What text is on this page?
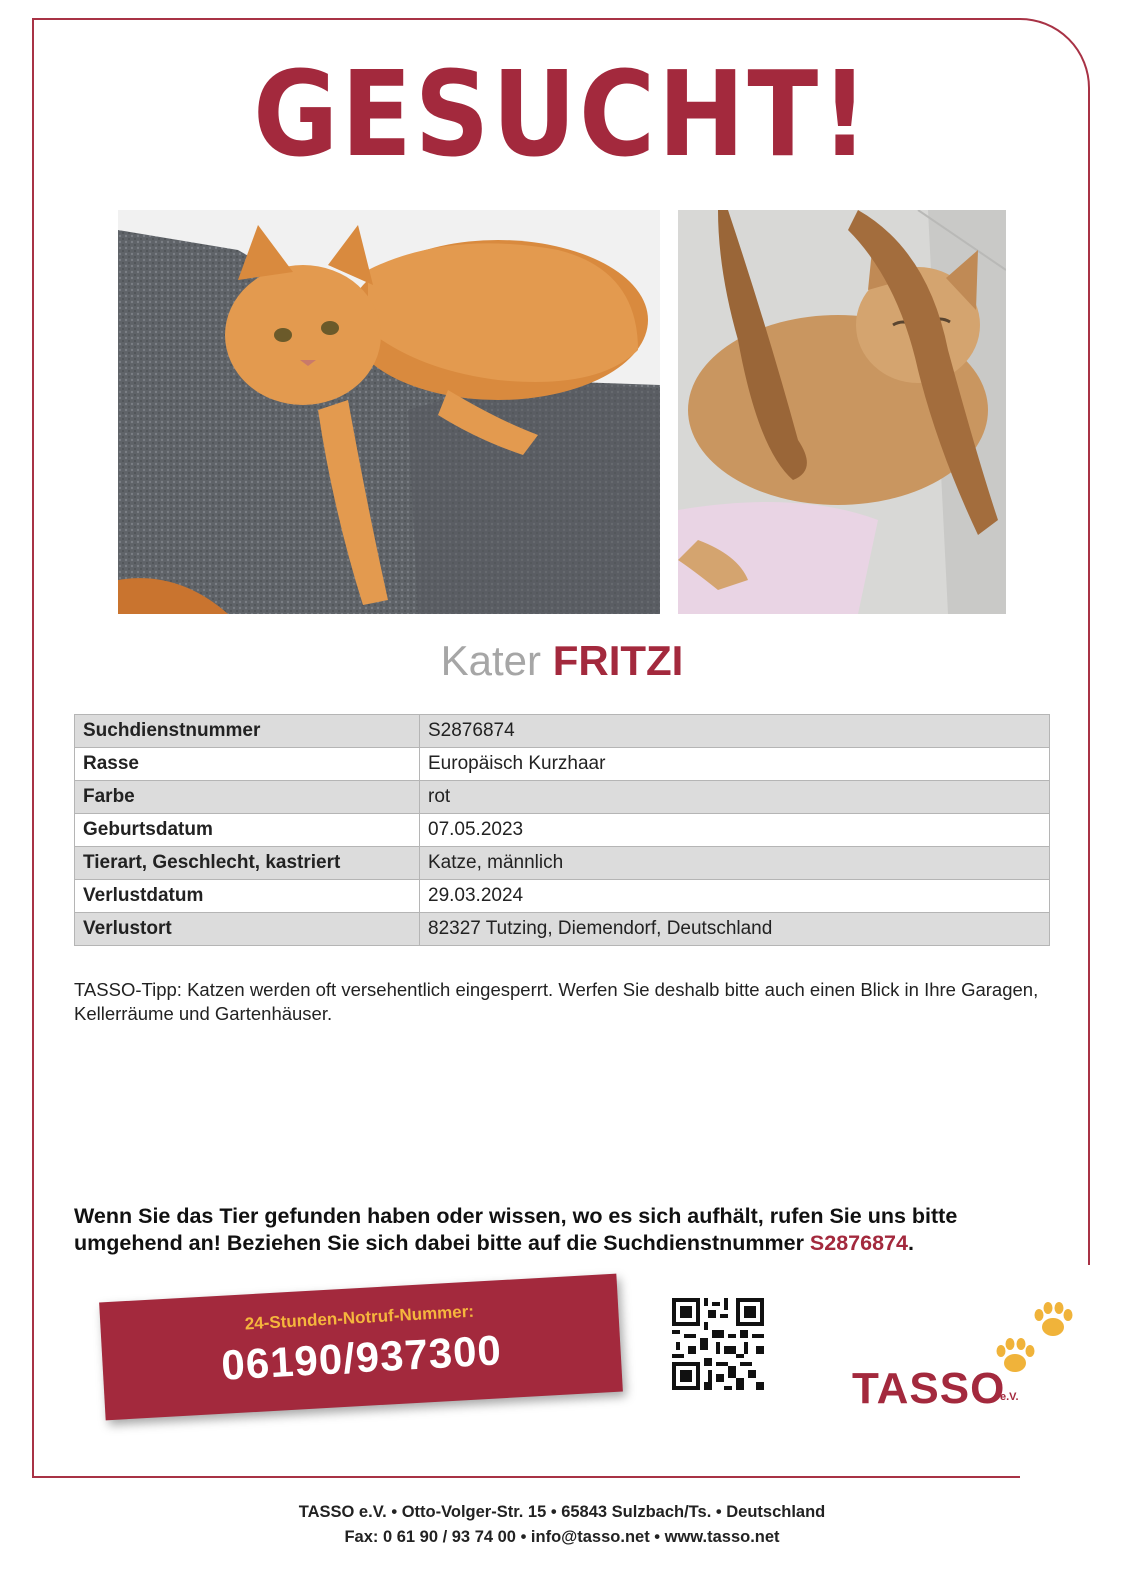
GESUCHT!
Kater FRITZI
Suchdienstnummer	S2876874
Rasse	Europäisch Kurzhaar
Farbe	rot
Geburtsdatum	07.05.2023
Tierart, Geschlecht, kastriert	Katze, männlich
Verlustdatum	29.03.2024
Verlustort	82327 Tutzing, Diemendorf, Deutschland
TASSO-Tipp: Katzen werden oft versehentlich eingesperrt. Werfen Sie deshalb bitte auch einen Blick in Ihre Garagen, Kellerräume und Gartenhäuser.
Wenn Sie das Tier gefunden haben oder wissen, wo es sich aufhält, rufen Sie uns bitte umgehend an! Beziehen Sie sich dabei bitte auf die Suchdienstnummer S2876874.
24-Stunden-Notruf-Nummer:
06190/937300	TASSO
e.V.
TASSO e.V. • Otto-Volger-Str. 15 • 65843 Sulzbach/Ts. • Deutschland
Fax: 0 61 90 / 93 74 00 • info@tasso.net • www.tasso.net
